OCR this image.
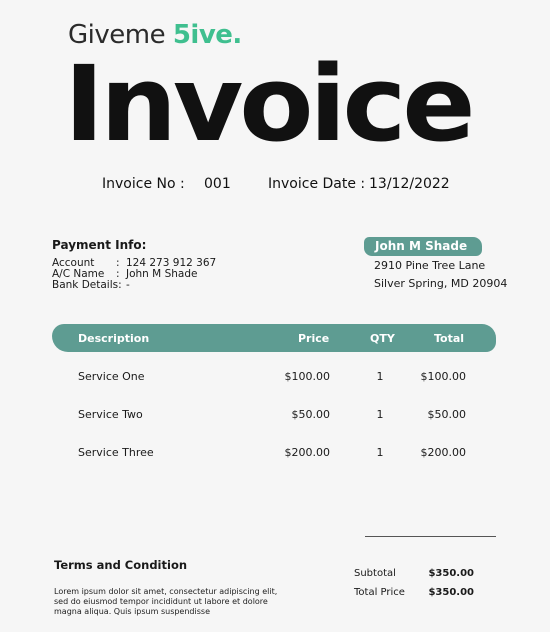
Giveme 5ive.
Invoice
Invoice No : 001	Invoice Date : 13/12/2022
Payment Info:
Account	: 124 273 912 367
A/C Name	: John M Shade
Bank Details: -
John M Shade
2910 Pine Tree Lane
Silver Spring, MD 20904
Description	Price	QTY	Total
Service One	$100.00	1	$100.00
Service Two	$50.00	1	$50.00
Service Three	$200.00	1	$200.00
Terms and Condition
Lorem ipsum dolor sit amet, consectetur adipiscing elit, sed do eiusmod tempor incididunt ut labore et dolore magna aliqua. Quis ipsum suspendisse
Subtotal	$350.00
Total Price	$350.00
